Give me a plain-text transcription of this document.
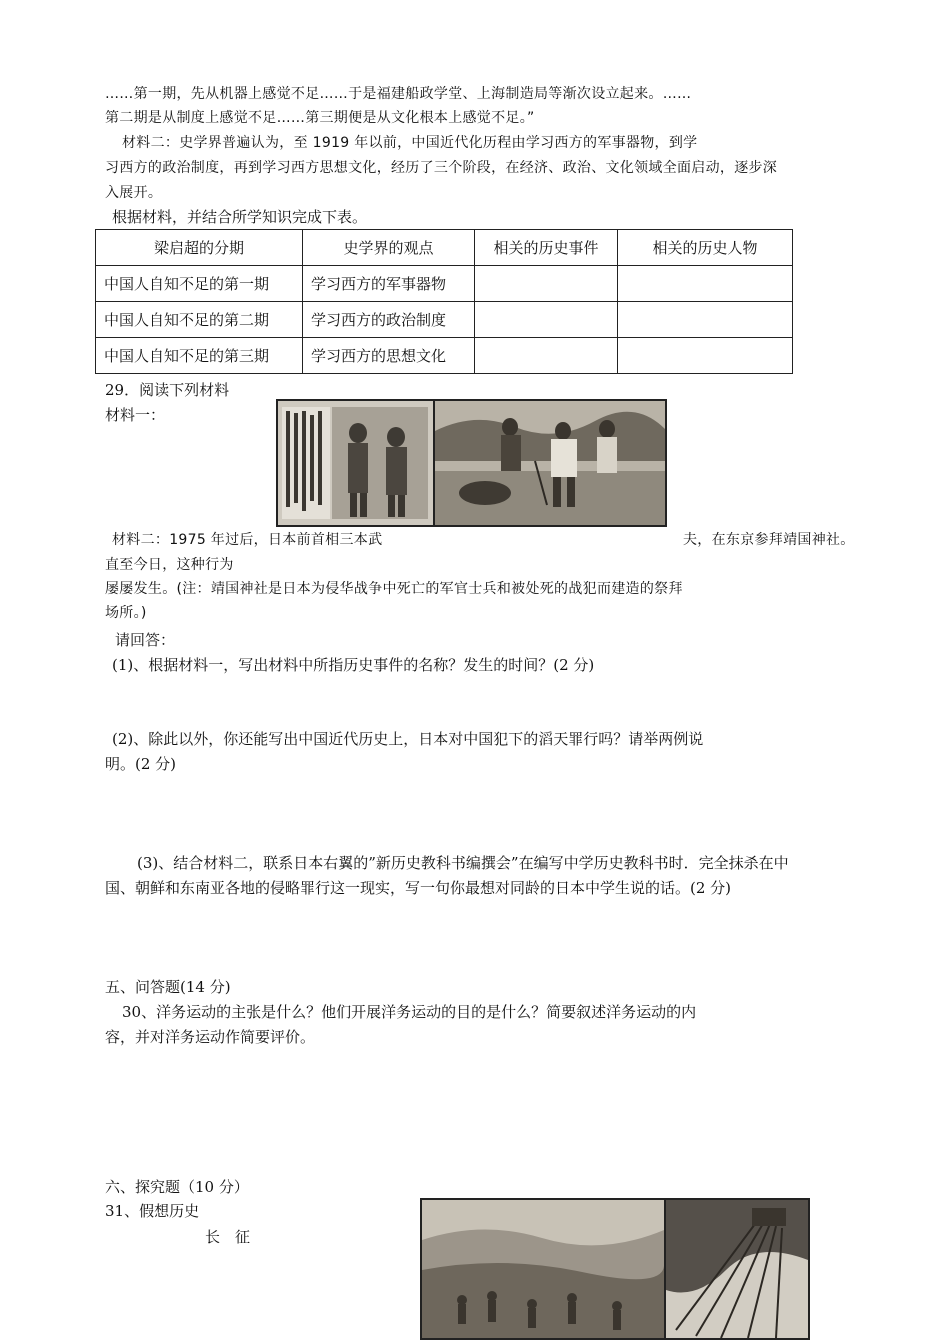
……第一期，先从机器上感觉不足……于是福建船政学堂、上海制造局等渐次设立起来。……
第二期是从制度上感觉不足……第三期便是从文化根本上感觉不足。”
材料二：史学界普遍认为，至 1919 年以前，中国近代化历程由学习西方的军事器物，到学
习西方的政治制度，再到学习西方思想文化，经历了三个阶段，在经济、政治、文化领域全面启动，逐步深
入展开。
根据材料，并结合所学知识完成下表。
梁启超的分期	史学界的观点	相关的历史事件	相关的历史人物
中国人自知不足的第一期	学习西方的军事器物		
中国人自知不足的第二期	学习西方的政治制度		
中国人自知不足的第三期	学习西方的思想文化		
29．阅读下列材料
材料一：
材料二：1975 年过后，日本前首相三本武	夫，在东京参拜靖国神社。
直至今日，这种行为
屡屡发生。(注：靖国神社是日本为侵华战争中死亡的军官士兵和被处死的战犯而建造的祭拜
场所。)
请回答：
(1)、根据材料一，写出材料中所指历史事件的名称？发生的时间？(2 分)
(2)、除此以外，你还能写出中国近代历史上，日本对中国犯下的滔天罪行吗？请举两例说
明。(2 分)
(3)、结合材料二，联系日本右翼的”新历史教科书编撰会”在编写中学历史教科书时．完全抹杀在中
国、朝鲜和东南亚各地的侵略罪行这一现实，写一句你最想对同龄的日本中学生说的话。(2 分)
五、问答题(14 分)
30、洋务运动的主张是什么？他们开展洋务运动的目的是什么？简要叙述洋务运动的内
容，并对洋务运动作简要评价。
六、探究题（10 分）
31、假想历史
长　征
